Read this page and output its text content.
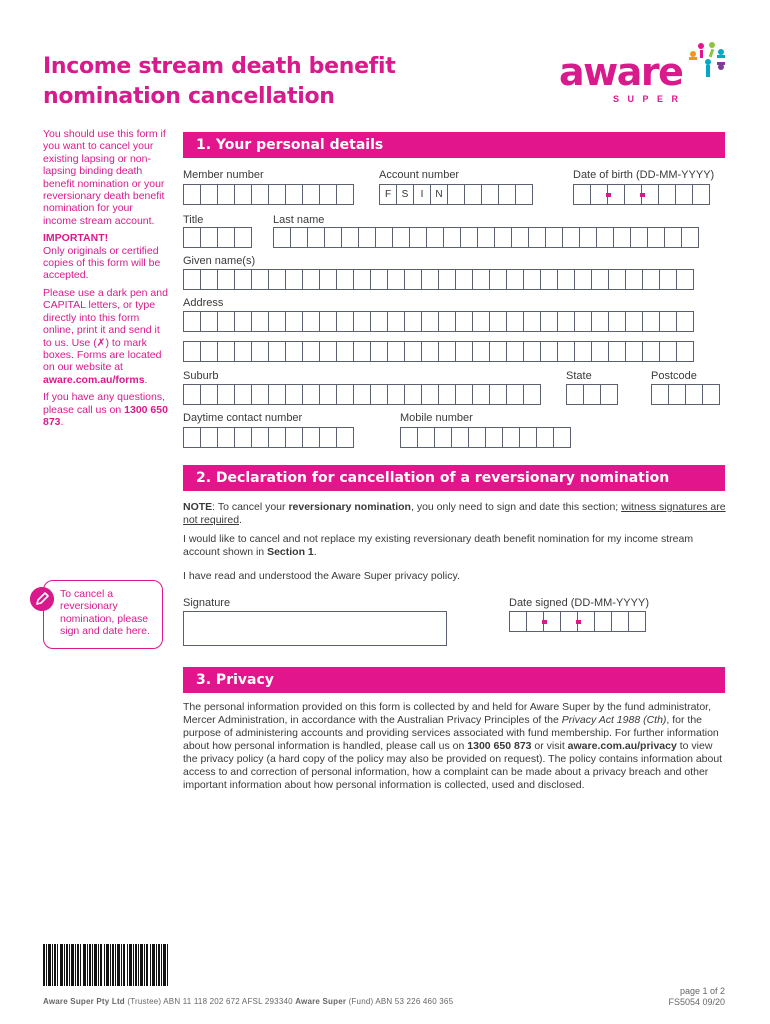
Income stream death benefit
nomination cancellation
aware
SUPER

You should use this form if you want to cancel your existing lapsing or non-lapsing binding death benefit nomination or your reversionary death benefit nomination for your income stream account.

IMPORTANT!
Only originals or certified copies of this form will be accepted.

Please use a dark pen and CAPITAL letters, or type directly into this form online, print it and send it to us. Use (✗) to mark boxes. Forms are located on our website at aware.com.au/forms.

If you have any questions, please call us on 1300 650 873.

1. Your personal details
Member number	Account number
F	S	I	N
Date of birth (DD-MM-YYYY)
Title	Last name
Given name(s)
Address
Suburb	State	Postcode
Daytime contact number	Mobile number
2. Declaration for cancellation of a reversionary nomination
NOTE: To cancel your reversionary nomination, you only need to sign and date this section; witness signatures are not required.
I would like to cancel and not replace my existing reversionary death benefit nomination for my income stream account shown in Section 1.
I have read and understood the Aware Super privacy policy.
Signature	Date signed (DD-MM-YYYY)
To cancel a reversionary nomination, please sign and date here.
3. Privacy
The personal information provided on this form is collected by and held for Aware Super by the fund administrator, Mercer Administration, in accordance with the Australian Privacy Principles of the Privacy Act 1988 (Cth), for the purpose of administering accounts and providing services associated with fund membership. For further information about how personal information is handled, please call us on 1300 650 873 or visit aware.com.au/privacy to view the privacy policy (a hard copy of the policy may also be provided on request). The policy contains information about access to and correction of personal information, how a complaint can be made about a privacy breach and other important information about how personal information is collected, used and disclosed.
Aware Super Pty Ltd (Trustee) ABN 11 118 202 672 AFSL 293340 Aware Super (Fund) ABN 53 226 460 365
page 1 of 2
FS5054 09/20
